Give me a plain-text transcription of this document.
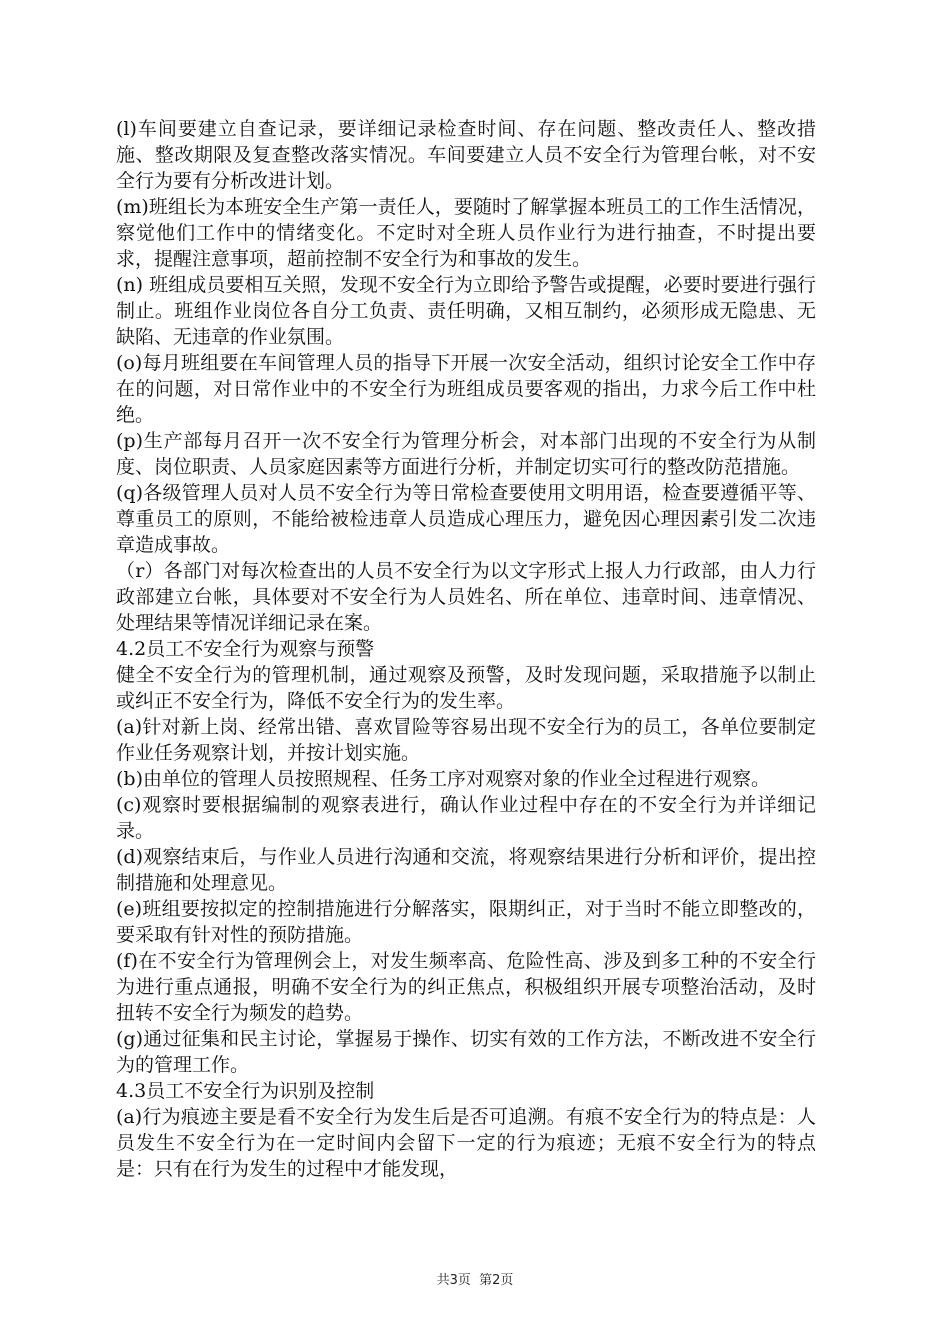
(l)车间要建立自查记录，要详细记录检查时间、存在问题、整改责任人、整改措施、整改期限及复查整改落实情况。车间要建立人员不安全行为管理台帐，对不安全行为要有分析改进计划。

(m)班组长为本班安全生产第一责任人，要随时了解掌握本班员工的工作生活情况，察觉他们工作中的情绪变化。不定时对全班人员作业行为进行抽查，不时提出要求，提醒注意事项，超前控制不安全行为和事故的发生。

(n) 班组成员要相互关照，发现不安全行为立即给予警告或提醒，必要时要进行强行制止。班组作业岗位各自分工负责、责任明确，又相互制约，必须形成无隐患、无缺陷、无违章的作业氛围。

(o)每月班组要在车间管理人员的指导下开展一次安全活动，组织讨论安全工作中存在的问题，对日常作业中的不安全行为班组成员要客观的指出，力求今后工作中杜绝。

(p)生产部每月召开一次不安全行为管理分析会，对本部门出现的不安全行为从制度、岗位职责、人员家庭因素等方面进行分析，并制定切实可行的整改防范措施。

(q)各级管理人员对人员不安全行为等日常检查要使用文明用语，检查要遵循平等、尊重员工的原则，不能给被检违章人员造成心理压力，避免因心理因素引发二次违章造成事故。

（r）各部门对每次检查出的人员不安全行为以文字形式上报人力行政部，由人力行政部建立台帐，具体要对不安全行为人员姓名、所在单位、违章时间、违章情况、处理结果等情况详细记录在案。

4.2员工不安全行为观察与预警

健全不安全行为的管理机制，通过观察及预警，及时发现问题，采取措施予以制止或纠正不安全行为，降低不安全行为的发生率。

(a)针对新上岗、经常出错、喜欢冒险等容易出现不安全行为的员工，各单位要制定作业任务观察计划，并按计划实施。

(b)由单位的管理人员按照规程、任务工序对观察对象的作业全过程进行观察。

(c)观察时要根据编制的观察表进行，确认作业过程中存在的不安全行为并详细记录。

(d)观察结束后，与作业人员进行沟通和交流，将观察结果进行分析和评价，提出控制措施和处理意见。

(e)班组要按拟定的控制措施进行分解落实，限期纠正，对于当时不能立即整改的，要采取有针对性的预防措施。

(f)在不安全行为管理例会上，对发生频率高、危险性高、涉及到多工种的不安全行为进行重点通报，明确不安全行为的纠正焦点，积极组织开展专项整治活动，及时扭转不安全行为频发的趋势。

(g)通过征集和民主讨论，掌握易于操作、切实有效的工作方法，不断改进不安全行为的管理工作。

4.3员工不安全行为识别及控制

(a)行为痕迹主要是看不安全行为发生后是否可追溯。有痕不安全行为的特点是：人员发生不安全行为在一定时间内会留下一定的行为痕迹；无痕不安全行为的特点是：只有在行为发生的过程中才能发现，

共3页 第2页
